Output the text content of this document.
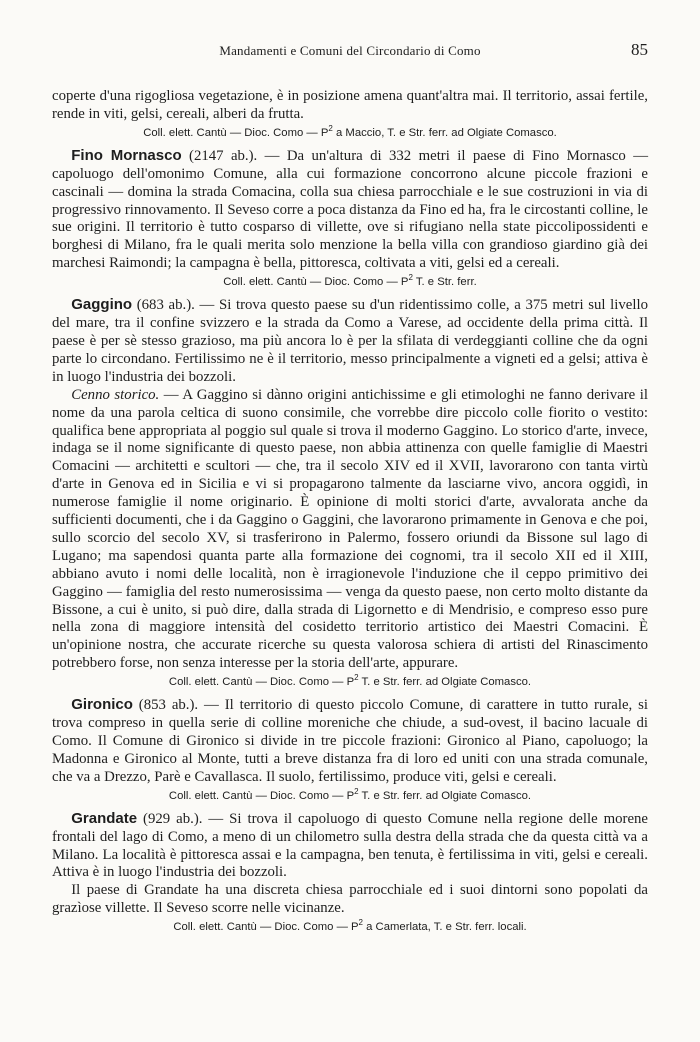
Mandamenti e Comuni del Circondario di Como	85

coperte d'una rigogliosa vegetazione, è in posizione amena quant'altra mai. Il territorio, assai fertile, rende in viti, gelsi, cereali, alberi da frutta.

Coll. elett. Cantù — Dioc. Como — $P^2$ a Maccio, T. e Str. ferr. ad Olgiate Comasco.

Fino Mornasco (2147 ab.). — Da un'altura di 332 metri il paese di Fino Mornasco — capoluogo dell'omonimo Comune, alla cui formazione concorrono alcune piccole frazioni e cascinali — domina la strada Comacina, colla sua chiesa parrocchiale e le sue costruzioni in via di progressivo rinnovamento. Il Seveso corre a poca distanza da Fino ed ha, fra le circostanti colline, le sue origini. Il territorio è tutto cosparso di villette, ove si rifugiano nella state piccolipossidenti e borghesi di Milano, fra le quali merita solo menzione la bella villa con grandioso giardino già dei marchesi Raimondi; la campagna è bella, pittoresca, coltivata a viti, gelsi ed a cereali.

Coll. elett. Cantù — Dioc. Como — $P^2$ T. e Str. ferr.

Gaggino (683 ab.). — Si trova questo paese su d'un ridentissimo colle, a 375 metri sul livello del mare, tra il confine svizzero e la strada da Como a Varese, ad occidente della prima città. Il paese è per sè stesso grazioso, ma più ancora lo è per la sfilata di verdeggianti colline che da ogni parte lo circondano. Fertilissimo ne è il territorio, messo principalmente a vigneti ed a gelsi; attiva è in luogo l'industria dei bozzoli.

Cenno storico. — A Gaggino si dànno origini antichissime e gli etimologhi ne fanno derivare il nome da una parola celtica di suono consimile, che vorrebbe dire piccolo colle fiorito o vestito: qualifica bene appropriata al poggio sul quale si trova il moderno Gaggino. Lo storico d'arte, invece, indaga se il nome significante di questo paese, non abbia attinenza con quelle famiglie di Maestri Comacini — architetti e scultori — che, tra il secolo XIV ed il XVII, lavorarono con tanta virtù d'arte in Genova ed in Sicilia e vi si propagarono talmente da lasciarne vivo, ancora oggidì, in numerose famiglie il nome originario. È opinione di molti storici d'arte, avvalorata anche da sufficienti documenti, che i da Gaggino o Gaggini, che lavorarono primamente in Genova e che poi, sullo scorcio del secolo XV, si trasferirono in Palermo, fossero oriundi da Bissone sul lago di Lugano; ma sapendosi quanta parte alla formazione dei cognomi, tra il secolo XII ed il XIII, abbiano avuto i nomi delle località, non è irragionevole l'induzione che il ceppo primitivo dei Gaggino — famiglia del resto numerosissima — venga da questo paese, non certo molto distante da Bissone, a cui è unito, si può dire, dalla strada di Ligornetto e di Mendrisio, e compreso esso pure nella zona di maggiore intensità del cosidetto territorio artistico dei Maestri Comacini. È un'opinione nostra, che accurate ricerche su questa valorosa schiera di artisti del Rinascimento potrebbero forse, non senza interesse per la storia dell'arte, appurare.

Coll. elett. Cantù — Dioc. Como — $P^2$ T. e Str. ferr. ad Olgiate Comasco.

Gironico (853 ab.). — Il territorio di questo piccolo Comune, di carattere in tutto rurale, si trova compreso in quella serie di colline moreniche che chiude, a sud-ovest, il bacino lacuale di Como. Il Comune di Gironico si divide in tre piccole frazioni: Gironico al Piano, capoluogo; la Madonna e Gironico al Monte, tutti a breve distanza fra di loro ed uniti con una strada comunale, che va a Drezzo, Parè e Cavallasca. Il suolo, fertilissimo, produce viti, gelsi e cereali.

Coll. elett. Cantù — Dioc. Como — $P^2$ T. e Str. ferr. ad Olgiate Comasco.

Grandate (929 ab.). — Si trova il capoluogo di questo Comune nella regione delle morene frontali del lago di Como, a meno di un chilometro sulla destra della strada che da questa città va a Milano. La località è pittoresca assai e la campagna, ben tenuta, è fertilissima in viti, gelsi e cereali. Attiva è in luogo l'industria dei bozzoli.

Il paese di Grandate ha una discreta chiesa parrocchiale ed i suoi dintorni sono popolati da grazìose villette. Il Seveso scorre nelle vicinanze.

Coll. elett. Cantù — Dioc. Como — $P^2$ a Camerlata, T. e Str. ferr. locali.
